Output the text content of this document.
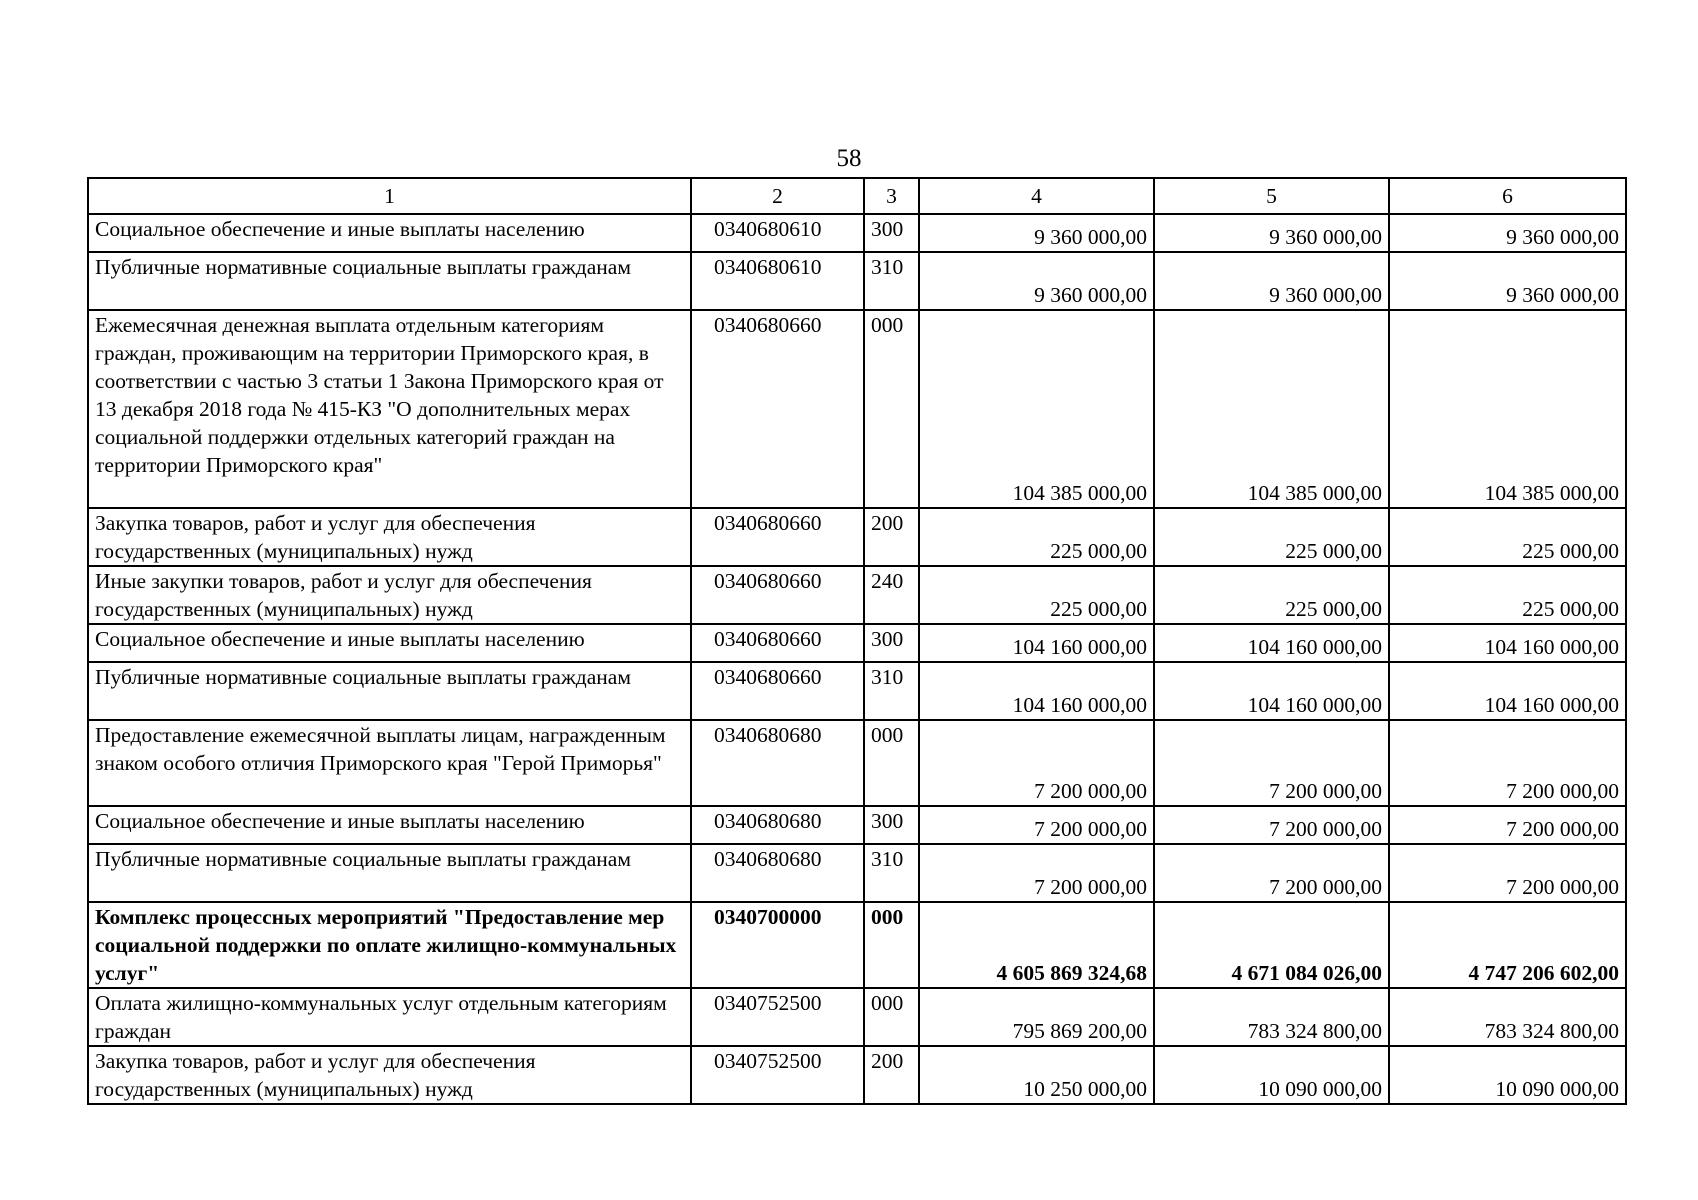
58
1	2	3	4	5	6
Социальное обеспечение и иные выплаты населению	0340680610	300	9 360 000,00	9 360 000,00	9 360 000,00
Публичные нормативные социальные выплаты гражданам	0340680610	310	9 360 000,00	9 360 000,00	9 360 000,00
Ежемесячная денежная выплата отдельным категориям граждан, проживающим на территории Приморского края, в соответствии с частью 3 статьи 1 Закона Приморского края от 13 декабря 2018 года № 415-КЗ "О дополнительных мерах социальной поддержки отдельных категорий граждан на территории Приморского края"	0340680660	000	104 385 000,00	104 385 000,00	104 385 000,00
Закупка товаров, работ и услуг для обеспечения государственных (муниципальных) нужд	0340680660	200	225 000,00	225 000,00	225 000,00
Иные закупки товаров, работ и услуг для обеспечения государственных (муниципальных) нужд	0340680660	240	225 000,00	225 000,00	225 000,00
Социальное обеспечение и иные выплаты населению	0340680660	300	104 160 000,00	104 160 000,00	104 160 000,00
Публичные нормативные социальные выплаты гражданам	0340680660	310	104 160 000,00	104 160 000,00	104 160 000,00
Предоставление ежемесячной выплаты лицам, награжденным знаком особого отличия Приморского края "Герой Приморья"	0340680680	000	7 200 000,00	7 200 000,00	7 200 000,00
Социальное обеспечение и иные выплаты населению	0340680680	300	7 200 000,00	7 200 000,00	7 200 000,00
Публичные нормативные социальные выплаты гражданам	0340680680	310	7 200 000,00	7 200 000,00	7 200 000,00
Комплекс процессных мероприятий "Предоставление мер социальной поддержки по оплате жилищно-коммунальных услуг"	0340700000	000	4 605 869 324,68	4 671 084 026,00	4 747 206 602,00
Оплата жилищно-коммунальных услуг отдельным категориям граждан	0340752500	000	795 869 200,00	783 324 800,00	783 324 800,00
Закупка товаров, работ и услуг для обеспечения государственных (муниципальных) нужд	0340752500	200	10 250 000,00	10 090 000,00	10 090 000,00
